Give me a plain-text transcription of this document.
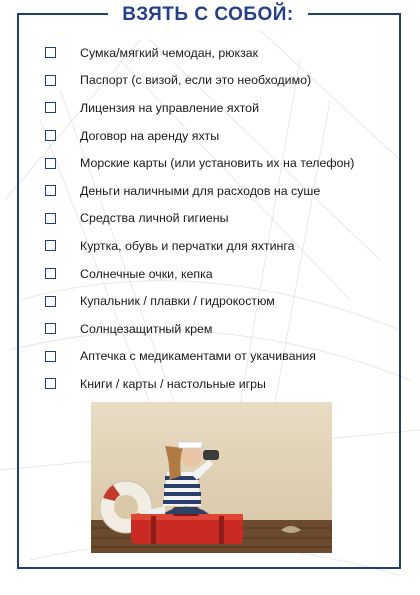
ВЗЯТЬ С СОБОЙ:
Сумка/мягкий чемодан, рюкзак
Паспорт (с визой, если это необходимо)
Лицензия на управление яхтой
Договор на аренду яхты
Морские карты (или установить их на телефон)
Деньги наличными для расходов на суше
Средства личной гигиены
Куртка, обувь и перчатки для яхтинга
Солнечные очки, кепка
Купальник / плавки / гидрокостюм
Солнцезащитный крем
Аптечка с медикаментами от укачивания
Книги / карты / настольные игры
